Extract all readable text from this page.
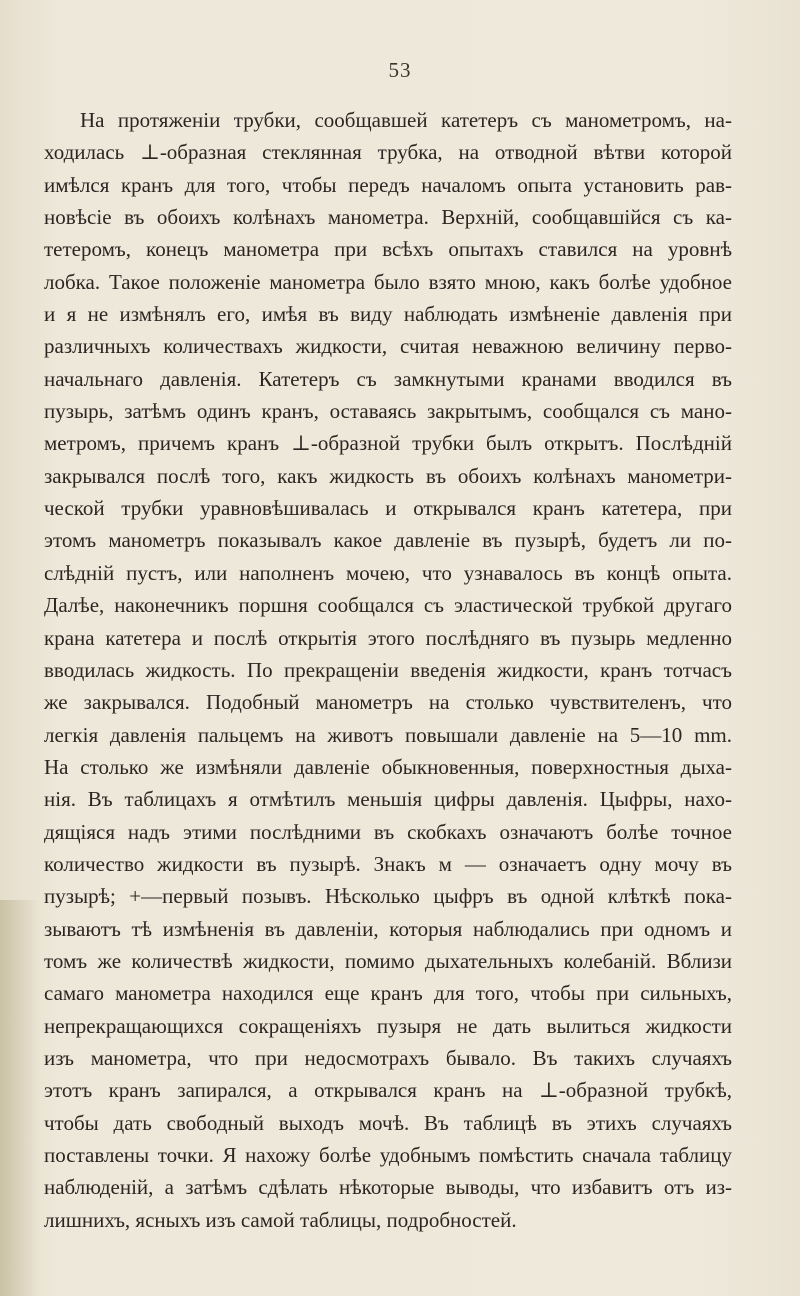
53
На протяженіи трубки, сообщавшей катетеръ съ манометромъ, на-
ходилась ⊥-образная стеклянная трубка, на отводной вѣтви которой
имѣлся кранъ для того, чтобы передъ началомъ опыта установить рав-
новѣсіе въ обоихъ колѣнахъ манометра. Верхній, сообщавшійся съ ка-
тетеромъ, конецъ манометра при всѣхъ опытахъ ставился на уровнѣ
лобка. Такое положеніе манометра было взято мною, какъ болѣе удобное
и я не измѣнялъ его, имѣя въ виду наблюдать измѣненіе давленія при
различныхъ количествахъ жидкости, считая неважною величину перво-
начальнаго давленія. Катетеръ съ замкнутыми кранами вводился въ
пузырь, затѣмъ одинъ кранъ, оставаясь закрытымъ, сообщался съ мано-
метромъ, причемъ кранъ ⊥-образной трубки былъ открытъ. Послѣдній
закрывался послѣ того, какъ жидкость въ обоихъ колѣнахъ манометри-
ческой трубки уравновѣшивалась и открывался кранъ катетера, при
этомъ манометръ показывалъ какое давленіе въ пузырѣ, будетъ ли по-
слѣдній пустъ, или наполненъ мочею, что узнавалось въ концѣ опыта.
Далѣе, наконечникъ поршня сообщался съ эластической трубкой другаго
крана катетера и послѣ открытія этого послѣдняго въ пузырь медленно
вводилась жидкость. По прекращеніи введенія жидкости, кранъ тотчасъ
же закрывался. Подобный манометръ на столько чувствителенъ, что
легкія давленія пальцемъ на животъ повышали давленіе на 5—10 mm.
На столько же измѣняли давленіе обыкновенныя, поверхностныя дыха-
нія. Въ таблицахъ я отмѣтилъ меньшія цифры давленія. Цыфры, нахо-
дящіяся надъ этими послѣдними въ скобкахъ означаютъ болѣе точное
количество жидкости въ пузырѣ. Знакъ м — означаетъ одну мочу въ
пузырѣ; +—первый позывъ. Нѣсколько цыфръ въ одной клѣткѣ пока-
зываютъ тѣ измѣненія въ давленіи, которыя наблюдались при одномъ и
томъ же количествѣ жидкости, помимо дыхательныхъ колебаній. Вблизи
самаго манометра находился еще кранъ для того, чтобы при сильныхъ,
непрекращающихся сокращеніяхъ пузыря не дать вылиться жидкости
изъ манометра, что при недосмотрахъ бывало. Въ такихъ случаяхъ
этотъ кранъ запирался, а открывался кранъ на ⊥-образной трубкѣ,
чтобы дать свободный выходъ мочѣ. Въ таблицѣ въ этихъ случаяхъ
поставлены точки. Я нахожу болѣе удобнымъ помѣстить сначала таблицу
наблюденій, а затѣмъ сдѣлать нѣкоторые выводы, что избавитъ отъ из-
лишнихъ, ясныхъ изъ самой таблицы, подробностей.
